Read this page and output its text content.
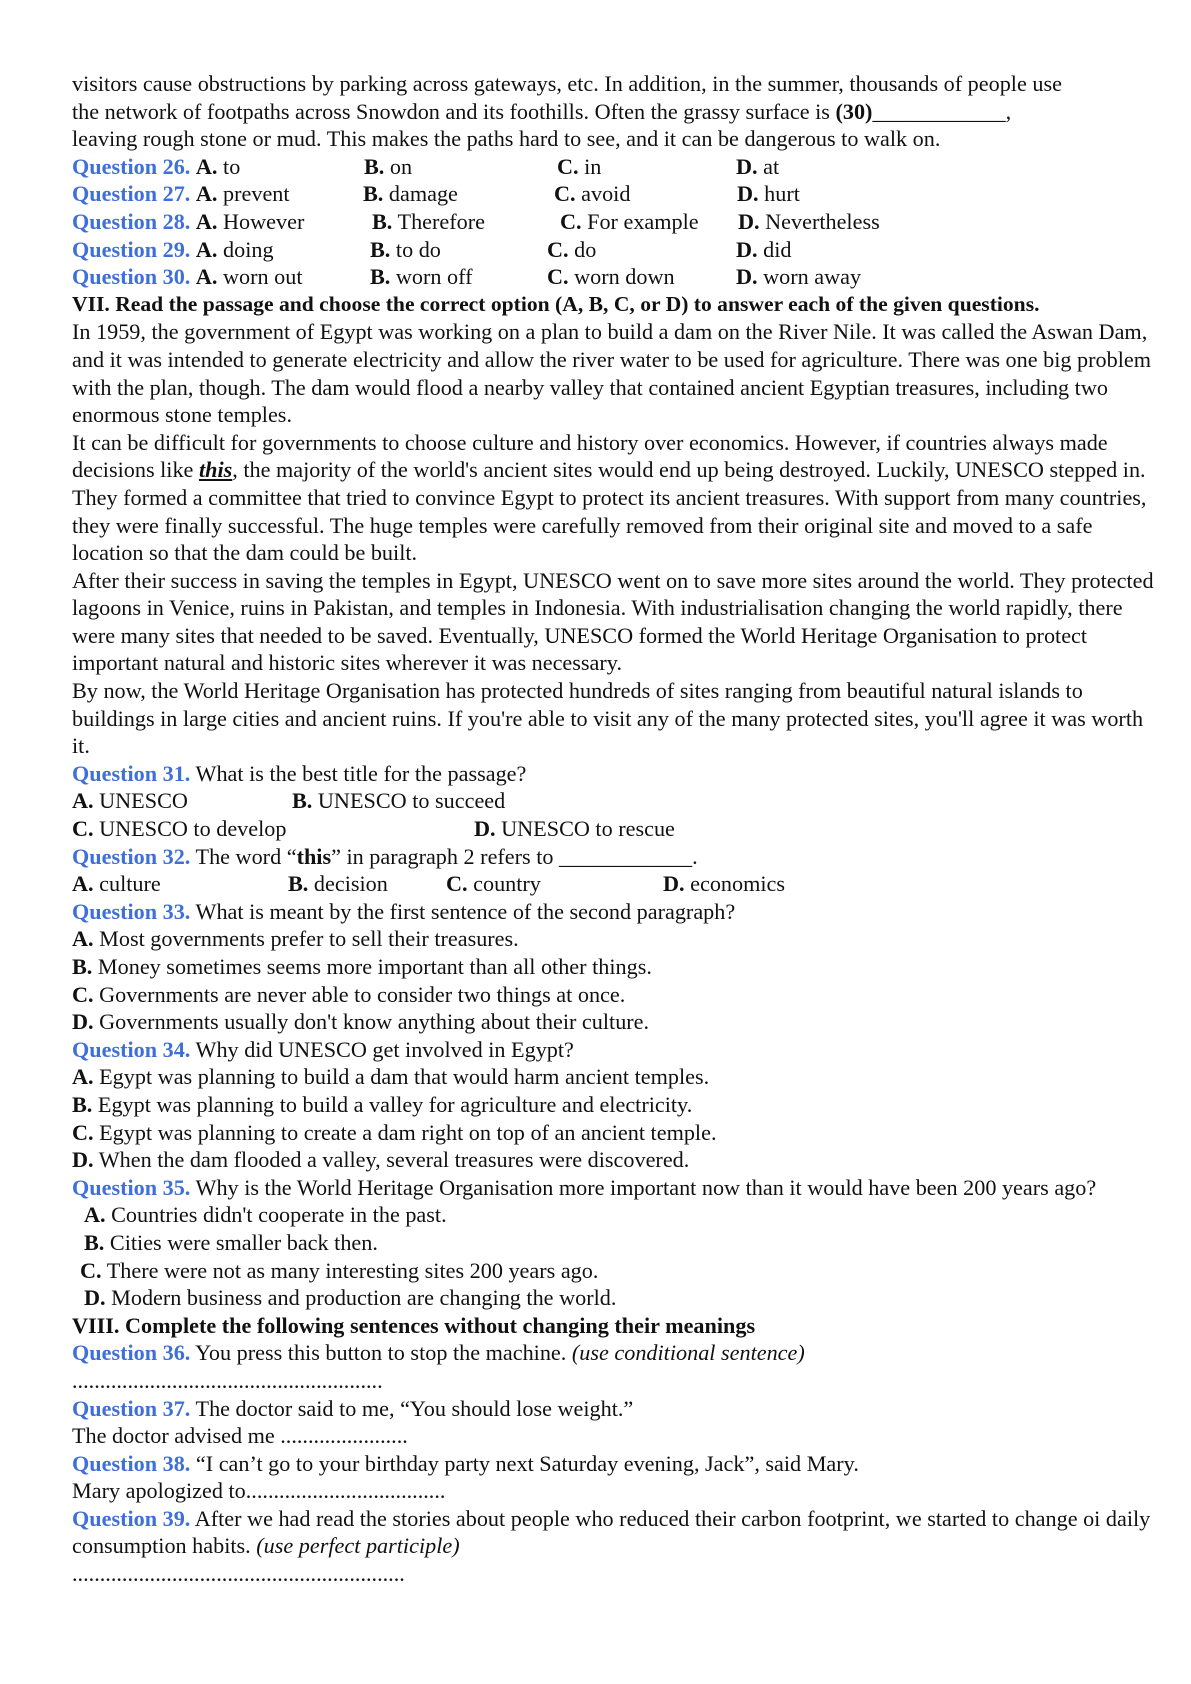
visitors cause obstructions by parking across gateways, etc. In addition, in the summer, thousands of people use
the network of footpaths across Snowdon and its foothills. Often the grassy surface is (30)____________,
leaving rough stone or mud. This makes the paths hard to see, and it can be dangerous to walk on.
Question 26. A. to	B. on	C. in	D. at
Question 27. A. prevent	B. damage	C. avoid	D. hurt
Question 28. A. However	B. Therefore	C. For example D. Nevertheless
Question 29. A. doing	B. to do	C. do	D. did
Question 30. A. worn out	B. worn off	C. worn down	D. worn away
VII. Read the passage and choose the correct option (A, B, C, or D) to answer each of the given questions.
In 1959, the government of Egypt was working on a plan to build a dam on the River Nile. It was called the Aswan Dam, and it was intended to generate electricity and allow the river water to be used for agriculture. There was one big problem with the plan, though. The dam would flood a nearby valley that contained ancient Egyptian treasures, including two enormous stone temples.
It can be difficult for governments to choose culture and history over economics. However, if countries always made decisions like this, the majority of the world's ancient sites would end up being destroyed. Luckily, UNESCO stepped in. They formed a committee that tried to convince Egypt to protect its ancient treasures. With support from many countries, they were finally successful. The huge temples were carefully removed from their original site and moved to a safe location so that the dam could be built.
After their success in saving the temples in Egypt, UNESCO went on to save more sites around the world. They protected lagoons in Venice, ruins in Pakistan, and temples in Indonesia. With industrialisation changing the world rapidly, there were many sites that needed to be saved. Eventually, UNESCO formed the World Heritage Organisation to protect important natural and historic sites wherever it was necessary.
By now, the World Heritage Organisation has protected hundreds of sites ranging from beautiful natural islands to buildings in large cities and ancient ruins. If you're able to visit any of the many protected sites, you'll agree it was worth it.
Question 31. What is the best title for the passage?
A. UNESCO	B. UNESCO to succeed
C. UNESCO to develop	D. UNESCO to rescue
Question 32. The word “this” in paragraph 2 refers to ____________.
A. culture	B. decision	C. country	D. economics
Question 33. What is meant by the first sentence of the second paragraph?
A. Most governments prefer to sell their treasures.
B. Money sometimes seems more important than all other things.
C. Governments are never able to consider two things at once.
D. Governments usually don't know anything about their culture.
Question 34. Why did UNESCO get involved in Egypt?
A. Egypt was planning to build a dam that would harm ancient temples.
B. Egypt was planning to build a valley for agriculture and electricity.
C. Egypt was planning to create a dam right on top of an ancient temple.
D. When the dam flooded a valley, several treasures were discovered.
Question 35. Why is the World Heritage Organisation more important now than it would have been 200 years ago?
A. Countries didn't cooperate in the past.
B. Cities were smaller back then.
C. There were not as many interesting sites 200 years ago.
D. Modern business and production are changing the world.
VIII. Complete the following sentences without changing their meanings
Question 36. You press this button to stop the machine. (use conditional sentence)
........................................................
Question 37. The doctor said to me, “You should lose weight.”
The doctor advised me .......................
Question 38. “I can’t go to your birthday party next Saturday evening, Jack”, said Mary.
Mary apologized to....................................
Question 39. After we had read the stories about people who reduced their carbon footprint, we started to change oi daily consumption habits. (use perfect participle)
............................................................
